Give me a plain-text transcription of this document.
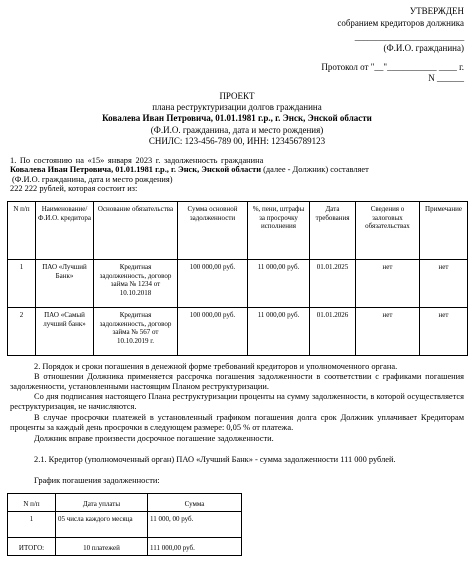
УТВЕРЖДЕН
собранием кредиторов должника
__________________________
(Ф.И.О. гражданина)
Протокол от "__"___________ ____ г.
N ______
ПРОЕКТ
плана реструктуризации долгов гражданина
Ковалева Иван Петровича, 01.01.1981 г.р., г. Энск, Энской области
(Ф.И.О. гражданина, дата и место рождения)
СНИЛС: 123-456-789 00, ИНН: 123456789123
1. По состоянию на «15» января 2023 г. задолженность гражданина
Ковалева Иван Петровича, 01.01.1981 г.р., г. Энск, Энской области (далее - Должник) составляет
(Ф.И.О. гражданина, дата и место рождения)
222 222 рублей, которая состоит из:
N п/п	Наименование/ Ф.И.О. кредитора	Основание обязательства	Сумма основной задолженности	%, пени, штрафы за просрочку исполнения	Дата требования	Сведения о залоговых обязательствах	Примечание
1	ПАО «Лучший Банк»	Кредитная задолженность, договор займа № 1234 от 10.10.2018	100 000,00 руб.	11 000,00 руб.	01.01.2025	нет	нет
2	ПАО «Самый лучший банк»	Кредитная задолженность, договор займа № 567 от 10.10.2019 г.	100 000,00 руб.	11 000,00 руб.	01.01.2026	нет	нет
2. Порядок и сроки погашения в денежной форме требований кредиторов и уполномоченного органа.
В отношении Должника применяется рассрочка погашения задолженности в соответствии с графиками погашения задолженности, установленными настоящим Планом реструктуризации.
Со дня подписания настоящего Плана реструктуризации проценты на сумму задолженности, в которой осуществляется реструктуризация, не начисляются.
В случае просрочки платежей в установленный графиком погашения долга срок Должник уплачивает Кредиторам проценты за каждый день просрочки в следующем размере: 0,05 % от платежа.
Должник вправе произвести досрочное погашение задолженности.
2.1. Кредитор (уполномоченный орган) ПАО «Лучший Банк» - сумма задолженности 111 000 рублей.
График погашения задолженности:
N п/п	Дата уплаты	Сумма
1	05 числа каждого месяца	11 000, 00 руб.
ИТОГО:	10 платежей	111 000,00 руб.
